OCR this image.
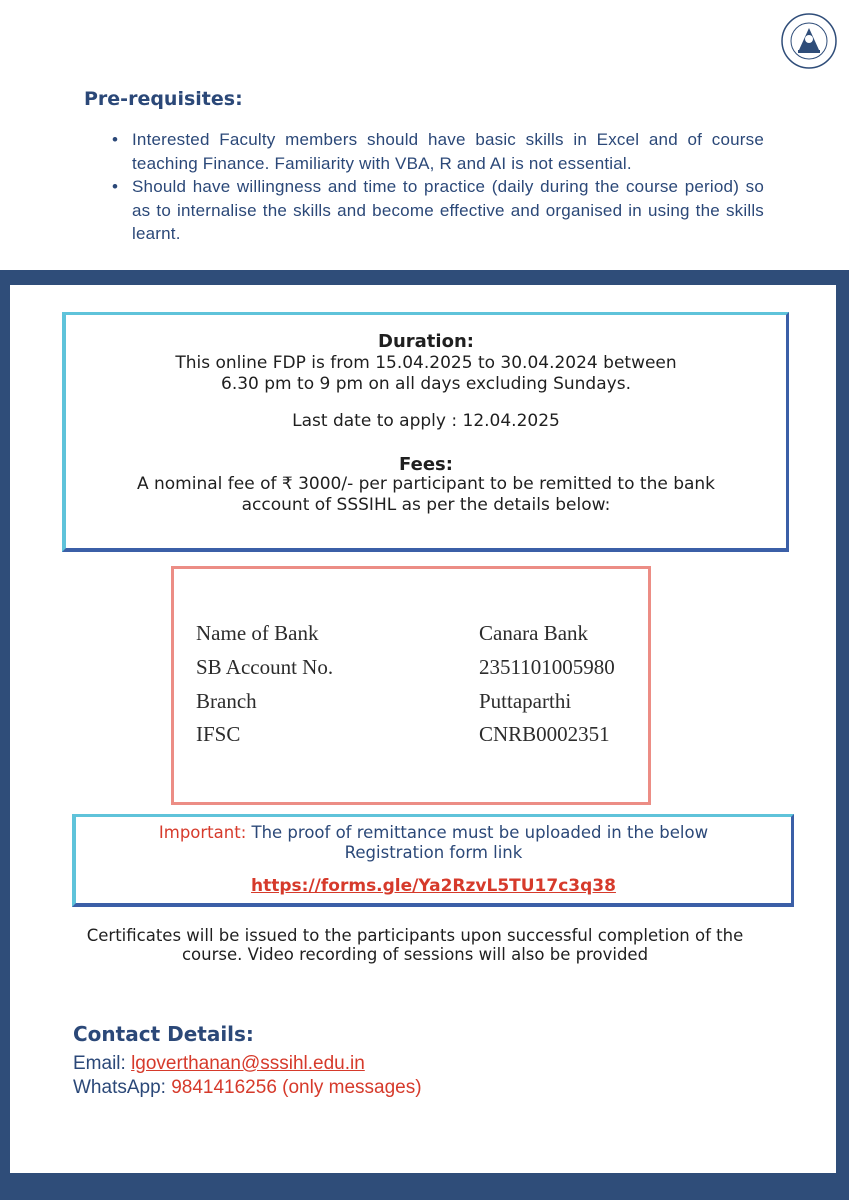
Pre-requisites:
• Interested Faculty members should have basic skills in Excel and of course teaching Finance. Familiarity with VBA, R and AI is not essential.
• Should have willingness and time to practice (daily during the course period) so as to internalise the skills and become effective and organised in using the skills learnt.
Duration:
This online FDP is from 15.04.2025 to 30.04.2024 between
6.30 pm to 9 pm on all days excluding Sundays.
Last date to apply : 12.04.2025
Fees:
A nominal fee of ₹ 3000/- per participant to be remitted to the bank
account of SSSIHL as per the details below:
Name of Bank	Canara Bank
SB Account No.	2351101005980
Branch	Puttaparthi
IFSC	CNRB0002351
Important: The proof of remittance must be uploaded in the below
Registration form link
https://forms.gle/Ya2RzvL5TU17c3q38
Certificates will be issued to the participants upon successful completion of the
course. Video recording of sessions will also be provided
Contact Details:
Email: lgoverthanan@sssihl.edu.in
WhatsApp: 9841416256 (only messages)
